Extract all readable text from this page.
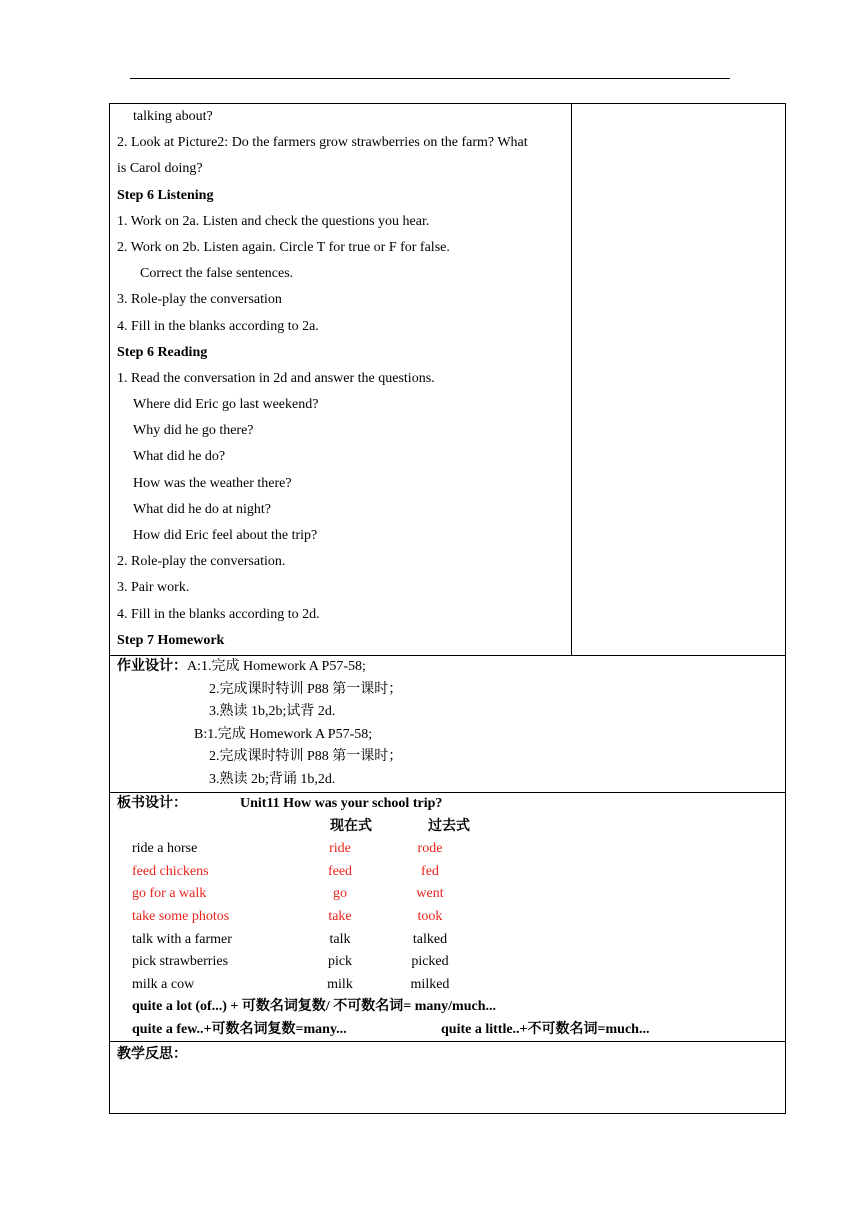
talking about?
2. Look at Picture2: Do the farmers grow strawberries on the farm? What
is Carol doing?
Step 6 Listening
1. Work on 2a. Listen and check the questions you hear.
2. Work on 2b. Listen again. Circle T for true or F for false.
Correct the false sentences.
3. Role-play the conversation
4. Fill in the blanks according to 2a.
Step 6 Reading
1. Read the conversation in 2d and answer the questions.
Where did Eric go last weekend?
Why did he go there?
What did he do?
How was the weather there?
What did he do at night?
How did Eric feel about the trip?
2. Role-play the conversation.
3. Pair work.
4. Fill in the blanks according to 2d.
Step 7 Homework
作业设计：A:1.完成 Homework A P57-58;
2.完成课时特训 P88 第一课时；
3.熟读 1b,2b;试背 2d.
B:1.完成 Homework A P57-58;
2.完成课时特训 P88 第一课时；
3.熟读 2b;背诵 1b,2d.
板书设计：	Unit11 How was your school trip?
现在式	过去式
ride a horse	ride	rode
feed chickens	feed	fed
go for a walk	go	went
take some photos	take	took
talk with a farmer	talk	talked
pick strawberries	pick	picked
milk a cow	milk	milked
quite a lot (of...) + 可数名词复数/ 不可数名词= many/much...
quite a few..+可数名词复数=many...	quite a little..+不可数名词=much...
教学反思：
